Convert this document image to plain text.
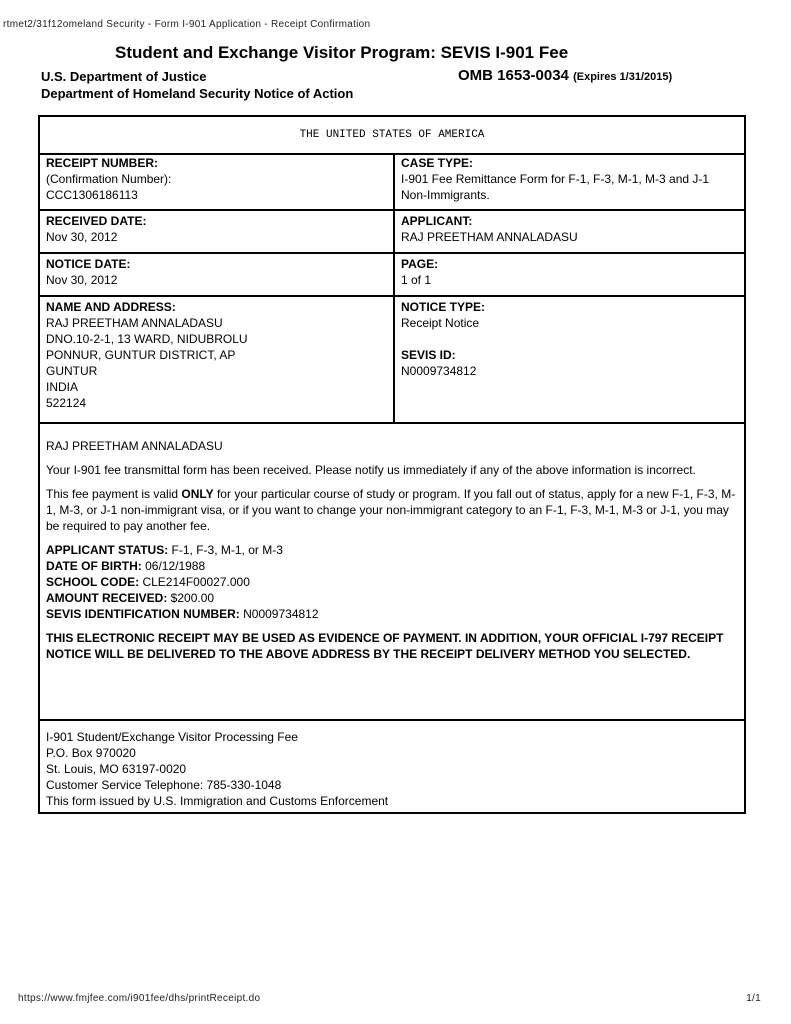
rtmet2/31f12omeland Security - Form I-901 Application - Receipt Confirmation
Student and Exchange Visitor Program: SEVIS I-901 Fee
U.S. Department of Justice
Department of Homeland Security Notice of Action
OMB 1653-0034 (Expires 1/31/2015)
THE UNITED STATES OF AMERICA
RECEIPT NUMBER:
(Confirmation Number):
CCC1306186113
CASE TYPE:
I-901 Fee Remittance Form for F-1, F-3, M-1, M-3 and J-1 Non-Immigrants.
RECEIVED DATE:
Nov 30, 2012
APPLICANT:
RAJ PREETHAM ANNALADASU
NOTICE DATE:
Nov 30, 2012
PAGE:
1 of 1
NAME AND ADDRESS:
RAJ PREETHAM ANNALADASU
DNO.10-2-1, 13 WARD, NIDUBROLU
PONNUR, GUNTUR DISTRICT, AP
GUNTUR
INDIA
522124
NOTICE TYPE:
Receipt Notice
SEVIS ID:
N0009734812

RAJ PREETHAM ANNALADASU

Your I-901 fee transmittal form has been received. Please notify us immediately if any of the above information is incorrect.

This fee payment is valid ONLY for your particular course of study or program. If you fall out of status, apply for a new F-1, F-3, M-1, M-3, or J-1 non-immigrant visa, or if you want to change your non-immigrant category to an F-1, F-3, M-1, M-3 or J-1, you may be required to pay another fee.

APPLICANT STATUS: F-1, F-3, M-1, or M-3
DATE OF BIRTH: 06/12/1988
SCHOOL CODE: CLE214F00027.000
AMOUNT RECEIVED: $200.00
SEVIS IDENTIFICATION NUMBER: N0009734812

THIS ELECTRONIC RECEIPT MAY BE USED AS EVIDENCE OF PAYMENT. IN ADDITION, YOUR OFFICIAL I-797 RECEIPT NOTICE WILL BE DELIVERED TO THE ABOVE ADDRESS BY THE RECEIPT DELIVERY METHOD YOU SELECTED.

I-901 Student/Exchange Visitor Processing Fee
P.O. Box 970020
St. Louis, MO 63197-0020
Customer Service Telephone: 785-330-1048
This form issued by U.S. Immigration and Customs Enforcement
https://www.fmjfee.com/i901fee/dhs/printReceipt.do	1/1
